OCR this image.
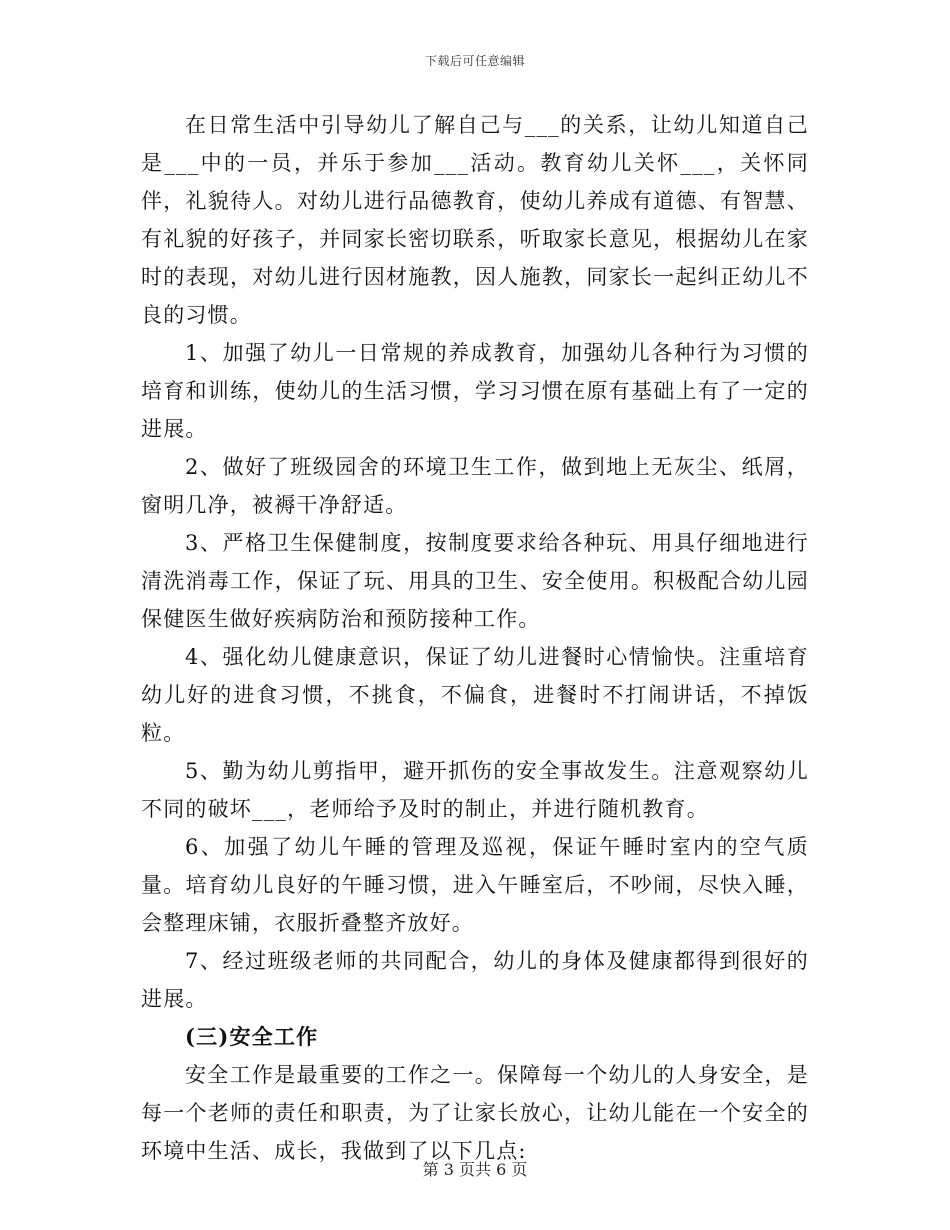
下载后可任意编辑

在日常生活中引导幼儿了解自己与___的关系，让幼儿知道自己是___中的一员，并乐于参加___活动。教育幼儿关怀___，关怀同伴，礼貌待人。对幼儿进行品德教育，使幼儿养成有道德、有智慧、有礼貌的好孩子，并同家长密切联系，听取家长意见，根据幼儿在家时的表现，对幼儿进行因材施教，因人施教，同家长一起纠正幼儿不良的习惯。

1、加强了幼儿一日常规的养成教育，加强幼儿各种行为习惯的培育和训练，使幼儿的生活习惯，学习习惯在原有基础上有了一定的进展。

2、做好了班级园舍的环境卫生工作，做到地上无灰尘、纸屑，窗明几净，被褥干净舒适。

3、严格卫生保健制度，按制度要求给各种玩、用具仔细地进行清洗消毒工作，保证了玩、用具的卫生、安全使用。积极配合幼儿园保健医生做好疾病防治和预防接种工作。

4、强化幼儿健康意识，保证了幼儿进餐时心情愉快。注重培育幼儿好的进食习惯，不挑食，不偏食，进餐时不打闹讲话，不掉饭粒。

5、勤为幼儿剪指甲，避开抓伤的安全事故发生。注意观察幼儿不同的破坏___，老师给予及时的制止，并进行随机教育。

6、加强了幼儿午睡的管理及巡视，保证午睡时室内的空气质量。培育幼儿良好的午睡习惯，进入午睡室后，不吵闹，尽快入睡，会整理床铺，衣服折叠整齐放好。

7、经过班级老师的共同配合，幼儿的身体及健康都得到很好的进展。

(三)安全工作

安全工作是最重要的工作之一。保障每一个幼儿的人身安全，是每一个老师的责任和职责，为了让家长放心，让幼儿能在一个安全的环境中生活、成长，我做到了以下几点:

第 3 页共 6 页
